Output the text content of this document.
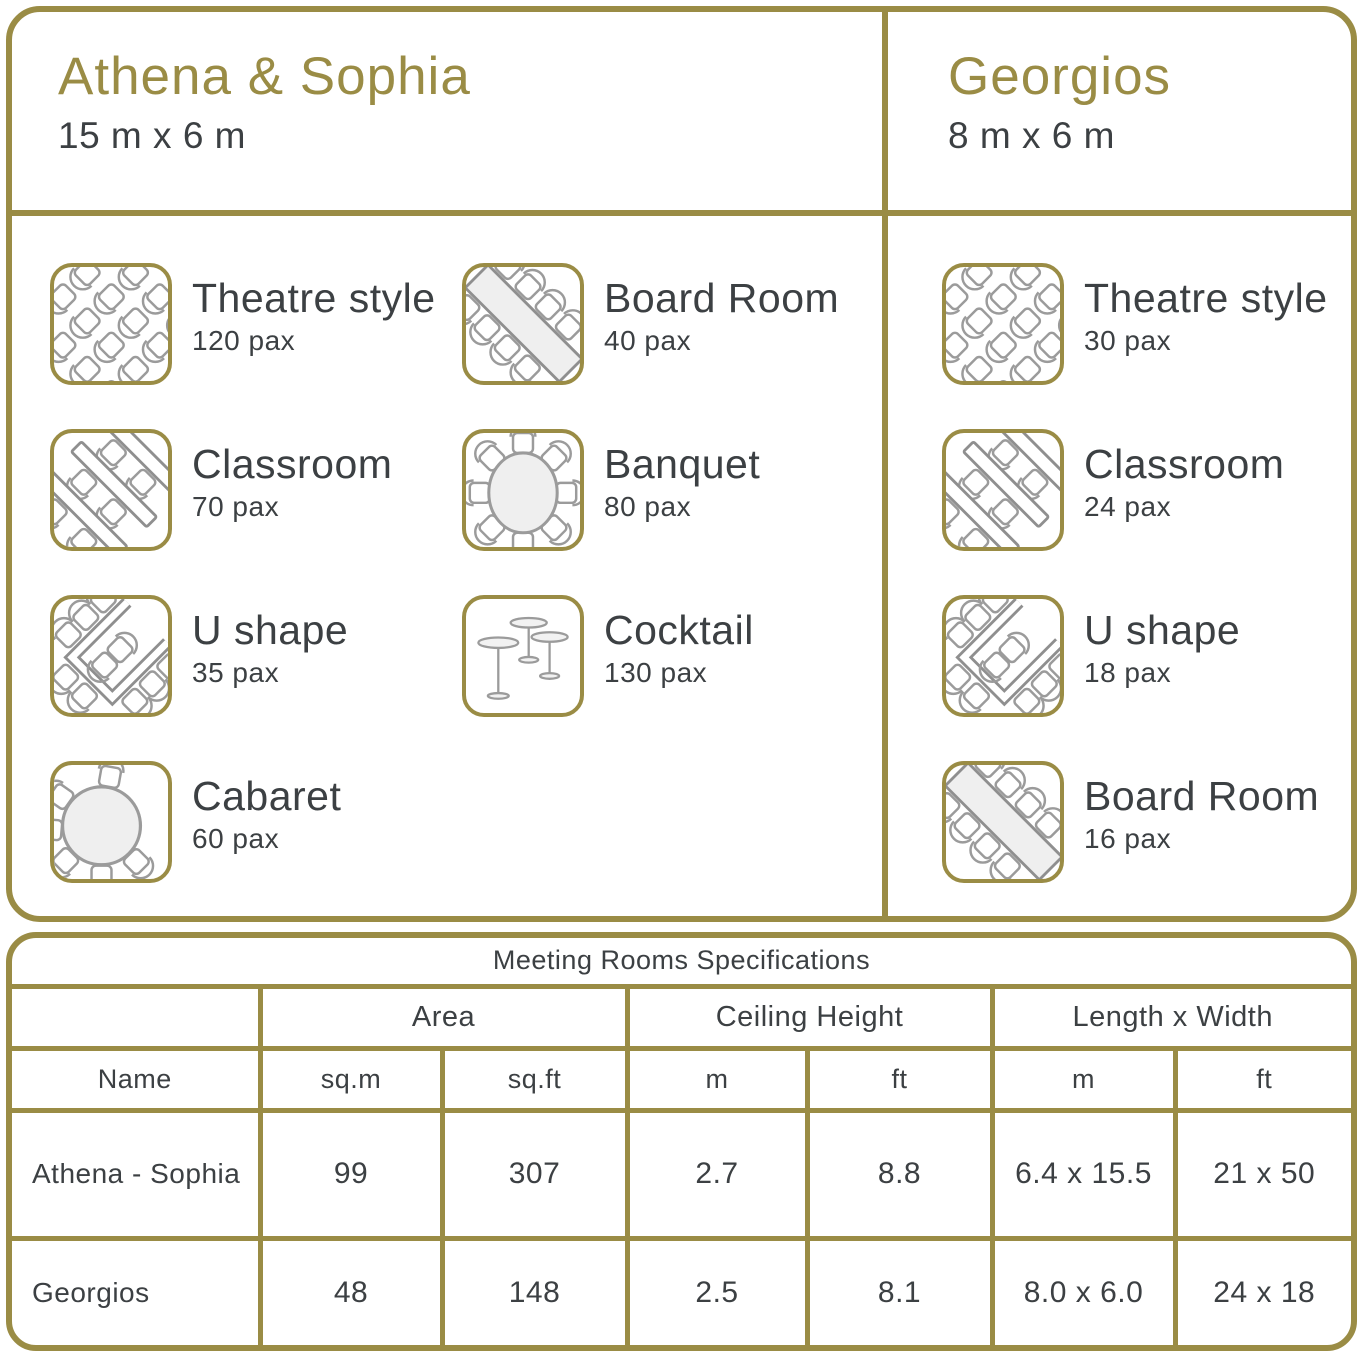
Athena & Sophia
15 m x 6 m
Georgios
8 m x 6 m
Theatre style
120 pax
Board Room
40 pax
Classroom
70 pax
Banquet
80 pax
U shape
35 pax
Cocktail
130 pax
Cabaret
60 pax
Theatre style
30 pax
Classroom
24 pax
U shape
18 pax
Board Room
16 pax
Meeting Rooms Specifications						
	Area		Ceiling Height		Length x Width	
Name	sq.m	sq.ft	m	ft	m	ft
Athena - Sophia	99	307	2.7	8.8	6.4 x 15.5	21 x 50
Georgios	48	148	2.5	8.1	8.0 x 6.0	24 x 18
